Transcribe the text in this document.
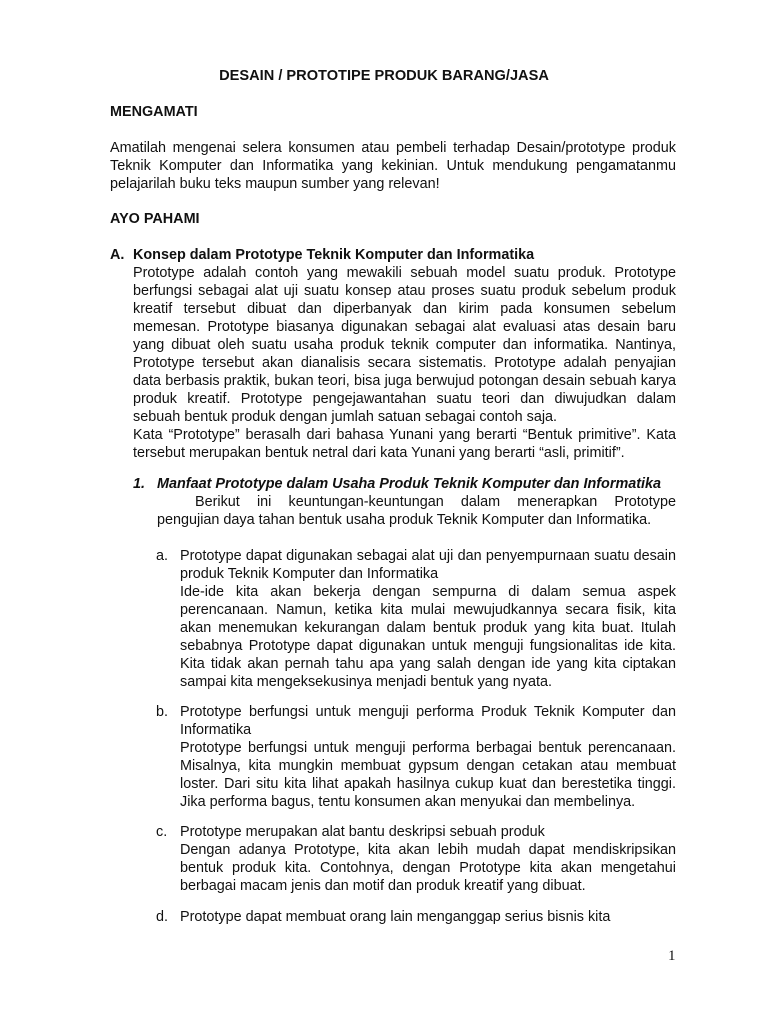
DESAIN / PROTOTIPE PRODUK BARANG/JASA
MENGAMATI

Amatilah mengenai selera konsumen atau pembeli terhadap Desain/prototype produk Teknik Komputer dan Informatika yang kekinian. Untuk mendukung pengamatanmu pelajarilah buku teks maupun sumber yang relevan!

AYO PAHAMI
A. Konsep dalam Prototype Teknik Komputer dan Informatika

Prototype adalah contoh yang mewakili sebuah model suatu produk. Prototype berfungsi sebagai alat uji suatu konsep atau proses suatu produk sebelum produk kreatif tersebut dibuat dan diperbanyak dan kirim pada konsumen sebelum memesan. Prototype biasanya digunakan sebagai alat evaluasi atas desain baru yang dibuat oleh suatu usaha produk teknik computer dan informatika. Nantinya, Prototype tersebut akan dianalisis secara sistematis. Prototype adalah penyajian data berbasis praktik, bukan teori, bisa juga berwujud potongan desain sebuah karya produk kreatif. Prototype pengejawantahan suatu teori dan diwujudkan dalam sebuah bentuk produk dengan jumlah satuan sebagai contoh saja.

Kata “Prototype” berasalh dari bahasa Yunani yang berarti “Bentuk primitive”. Kata tersebut merupakan bentuk netral dari kata Yunani yang berarti “asli, primitif”.

1. Manfaat Prototype dalam Usaha Produk Teknik Komputer dan Informatika

Berikut ini keuntungan-keuntungan dalam menerapkan Prototype pengujian daya tahan bentuk usaha produk Teknik Komputer dan Informatika.

a. Prototype dapat digunakan sebagai alat uji dan penyempurnaan suatu desain produk Teknik Komputer dan Informatika

Ide-ide kita akan bekerja dengan sempurna di dalam semua aspek perencanaan. Namun, ketika kita mulai mewujudkannya secara fisik, kita akan menemukan kekurangan dalam bentuk produk yang kita buat. Itulah sebabnya Prototype dapat digunakan untuk menguji fungsionalitas ide kita. Kita tidak akan pernah tahu apa yang salah dengan ide yang kita ciptakan sampai kita mengeksekusinya menjadi bentuk yang nyata.

b. Prototype berfungsi untuk menguji performa Produk Teknik Komputer dan Informatika

Prototype berfungsi untuk menguji performa berbagai bentuk perencanaan. Misalnya, kita mungkin membuat gypsum dengan cetakan atau membuat loster. Dari situ kita lihat apakah hasilnya cukup kuat dan berestetika tinggi. Jika performa bagus, tentu konsumen akan menyukai dan membelinya.

c. Prototype merupakan alat bantu deskripsi sebuah produk

Dengan adanya Prototype, kita akan lebih mudah dapat mendiskripsikan bentuk produk kita. Contohnya, dengan Prototype kita akan mengetahui berbagai macam jenis dan motif dan produk kreatif yang dibuat.

d. Prototype dapat membuat orang lain menganggap serius bisnis kita

1
